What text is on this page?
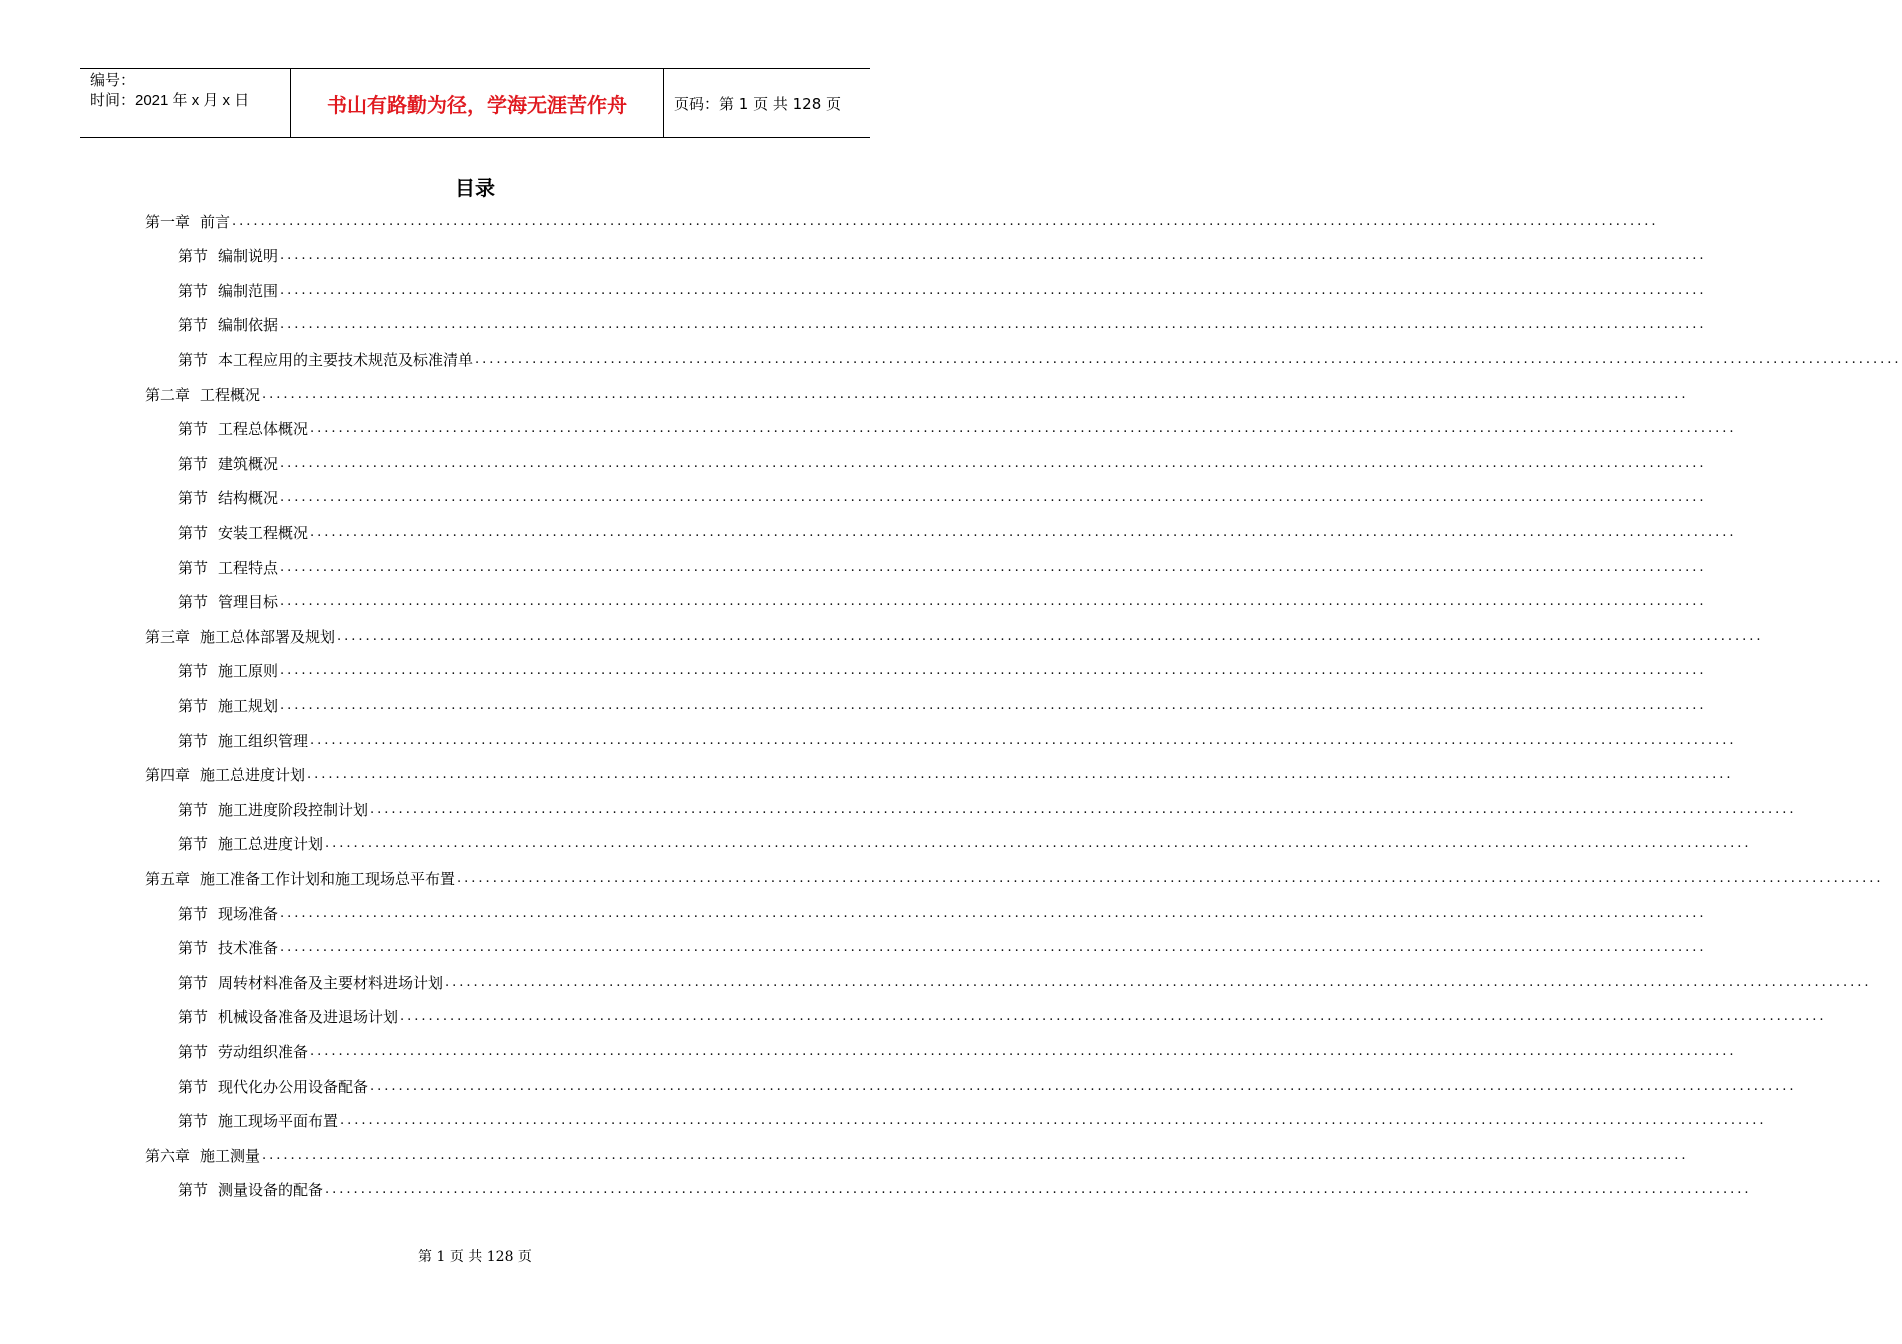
编号：
时间：2021 年 x 月 x 日	书山有路勤为径，学海无涯苦作舟	页码：第 1 页 共 128 页
目录
第一章 前言 ........................................................................................................................................................................................................
第节 编制说明 ........................................................................................................................................................................................................
第节 编制范围 ........................................................................................................................................................................................................
第节 编制依据 ........................................................................................................................................................................................................
第节 本工程应用的主要技术规范及标准清单 ........................................................................................................................................................................................................
第二章 工程概况 ........................................................................................................................................................................................................
第节 工程总体概况 ........................................................................................................................................................................................................
第节 建筑概况 ........................................................................................................................................................................................................
第节 结构概况 ........................................................................................................................................................................................................
第节 安装工程概况 ........................................................................................................................................................................................................
第节 工程特点 ........................................................................................................................................................................................................
第节 管理目标 ........................................................................................................................................................................................................
第三章 施工总体部署及规划 ........................................................................................................................................................................................................
第节 施工原则 ........................................................................................................................................................................................................
第节 施工规划 ........................................................................................................................................................................................................
第节 施工组织管理 ........................................................................................................................................................................................................
第四章 施工总进度计划 ........................................................................................................................................................................................................
第节 施工进度阶段控制计划 ........................................................................................................................................................................................................
第节 施工总进度计划 ........................................................................................................................................................................................................
第五章 施工准备工作计划和施工现场总平布置 ........................................................................................................................................................................................................
第节 现场准备 ........................................................................................................................................................................................................
第节 技术准备 ........................................................................................................................................................................................................
第节 周转材料准备及主要材料进场计划 ........................................................................................................................................................................................................
第节 机械设备准备及进退场计划 ........................................................................................................................................................................................................
第节 劳动组织准备 ........................................................................................................................................................................................................
第节 现代化办公用设备配备 ........................................................................................................................................................................................................
第节 施工现场平面布置 ........................................................................................................................................................................................................
第六章 施工测量 ........................................................................................................................................................................................................
第节 测量设备的配备 ........................................................................................................................................................................................................
第 1 页 共 128 页
